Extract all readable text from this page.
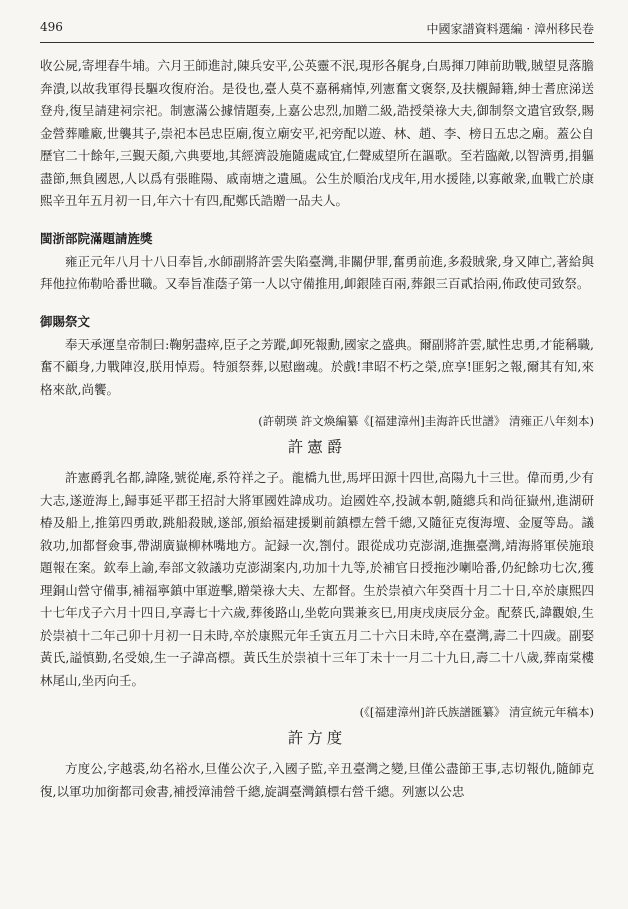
496	中國家譜資料選編 · 漳州移民卷

收公屍,寄埋春牛埔。六月王師進討,陳兵安平,公英靈不泯,現形各艉身,白馬揮刀陣前助戰,賊望見落膽奔潰,以故我軍得長驅攻復府治。是役也,臺人莫不嘉稱痛悼,列憲奮文褒祭,及扶櫬歸籍,紳士耆庶涕送登舟,復呈請建祠宗祀。制憲滿公據情題奏,上嘉公忠烈,加贈二級,誥授榮祿大夫,御制祭文遣官致祭,賜金營葬雕廠,世襲其子,崇祀本邑忠臣廟,復立廟安平,祀旁配以遊、林、趙、李、榜日五忠之廟。蓋公自歷官二十餘年,三覲天顏,六典要地,其經濟設施隨處咸宜,仁聲威望所在謳歌。至若臨敵,以智濟勇,捐軀盡節,無負國恩,人以爲有張睢陽、戚南塘之遺風。公生於順治戊戌年,用水援陸,以寡敵衆,血戰亡於康熙辛丑年五月初一日,年六十有四,配鄭氏誥贈一品夫人。

閩浙部院滿題請旌獎

雍正元年八月十八日奉旨,水師副將許雲失陷臺灣,非關伊罪,奮勇前進,多殺賊衆,身又陣亡,著給與拜他拉佈勒哈番世職。又奉旨准蔭子第一人以守備推用,卹銀陸百兩,葬銀三百貳拾兩,佈政使司致祭。

御賜祭文

奉天承運皇帝制曰:鞠躬盡瘁,臣子之芳蹤,卹死報勳,國家之盛典。爾副將許雲,賦性忠勇,才能稱職,奮不顧身,力戰陣沒,朕用悼焉。特頒祭葬,以慰幽魂。於戲!聿昭不朽之榮,庶享!匪躬之報,爾其有知,來格來歆,尚饗。

(許朝瑛 許文煥編纂《[福建漳州]圭海許氏世譜》 清雍正八年刻本)

許憲爵

許憲爵乳名都,諱隆,號從庵,系符祥之子。龍橋九世,馬坪田源十四世,高陽九十三世。偉而勇,少有大志,遂遊海上,歸事延平郡王招討大將軍國姓諱成功。迨國姓卒,投誠本朝,隨總兵和尚征嶽州,進湖研椿及船上,推第四勇敢,跳船殺賊,遂部,頒給福建援剿前鎮標左營千總,又隨征克復海壇、金厦等島。議敘功,加都督僉事,帶湖廣嶽柳林嘴地方。記録一次,劄付。跟從成功克澎湖,進撫臺灣,靖海將軍侯施琅題報在案。欽奉上諭,奉部文敘議功克澎湖案内,功加十九等,於補官日授拖沙喇哈番,仍紀餘功七次,獲理銅山營守備事,補福寧鎮中軍遊擊,贈榮祿大夫、左都督。生於崇禎六年癸酉十月二十日,卒於康熙四十七年戊子六月十四日,享壽七十六歲,葬後路山,坐乾向巽兼亥巳,用庚戌庚辰分金。配蔡氏,諱觀娘,生於崇禎十二年己卯十月初一日未時,卒於康熙元年壬寅五月二十六日未時,卒在臺灣,壽二十四歲。副娶黃氏,謚慎勤,名受娘,生一子諱高標。黃氏生於崇禎十三年丁未十一月二十九日,壽二十八歲,葬南棠樓林尾山,坐丙向壬。

(《[福建漳州]許氏族譜匯纂》 清宣統元年稿本)

許方度

方度公,字越裘,幼名裕水,旦僅公次子,入國子監,辛丑臺灣之變,旦僅公盡節王事,志切報仇,隨師克復,以軍功加銜都司僉書,補授漳浦營千總,旋調臺灣鎮標右營千總。列憲以公忠
